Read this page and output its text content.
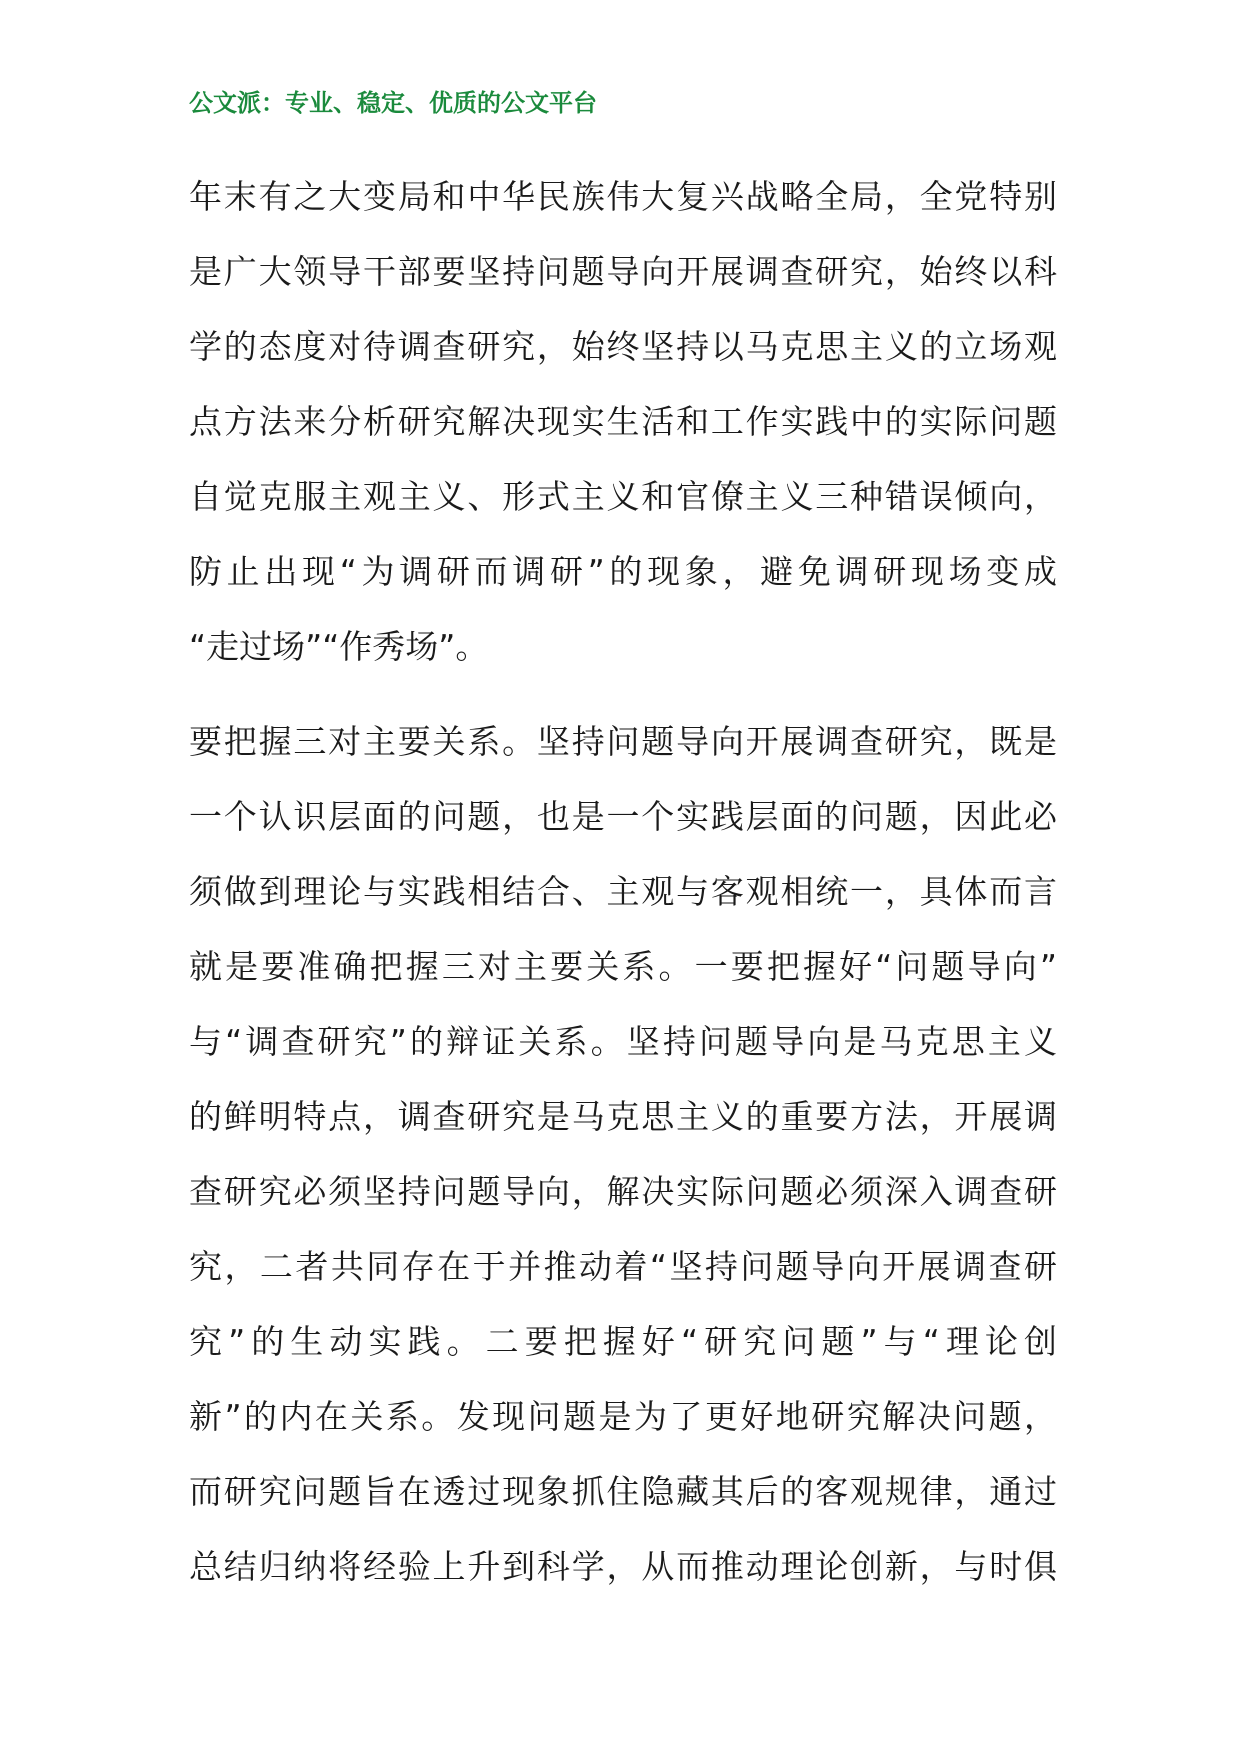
公文派：专业、稳定、优质的公文平台
年末有之大变局和中华民族伟大复兴战略全局，全党特别
是广大领导干部要坚持问题导向开展调查研究，始终以科
学的态度对待调查研究，始终坚持以马克思主义的立场观
点方法来分析研究解决现实生活和工作实践中的实际问题
自觉克服主观主义、形式主义和官僚主义三种错误倾向，
防止出现“为调研而调研”的现象，避免调研现场变成
“走过场”“作秀场”。
要把握三对主要关系。坚持问题导向开展调查研究，既是
一个认识层面的问题，也是一个实践层面的问题，因此必
须做到理论与实践相结合、主观与客观相统一，具体而言
就是要准确把握三对主要关系。一要把握好“问题导向”
与“调查研究”的辩证关系。坚持问题导向是马克思主义
的鲜明特点，调查研究是马克思主义的重要方法，开展调
查研究必须坚持问题导向，解决实际问题必须深入调查研
究，二者共同存在于并推动着“坚持问题导向开展调查研
究”的生动实践。二要把握好“研究问题”与“理论创
新”的内在关系。发现问题是为了更好地研究解决问题，
而研究问题旨在透过现象抓住隐藏其后的客观规律，通过
总结归纳将经验上升到科学，从而推动理论创新，与时俱
